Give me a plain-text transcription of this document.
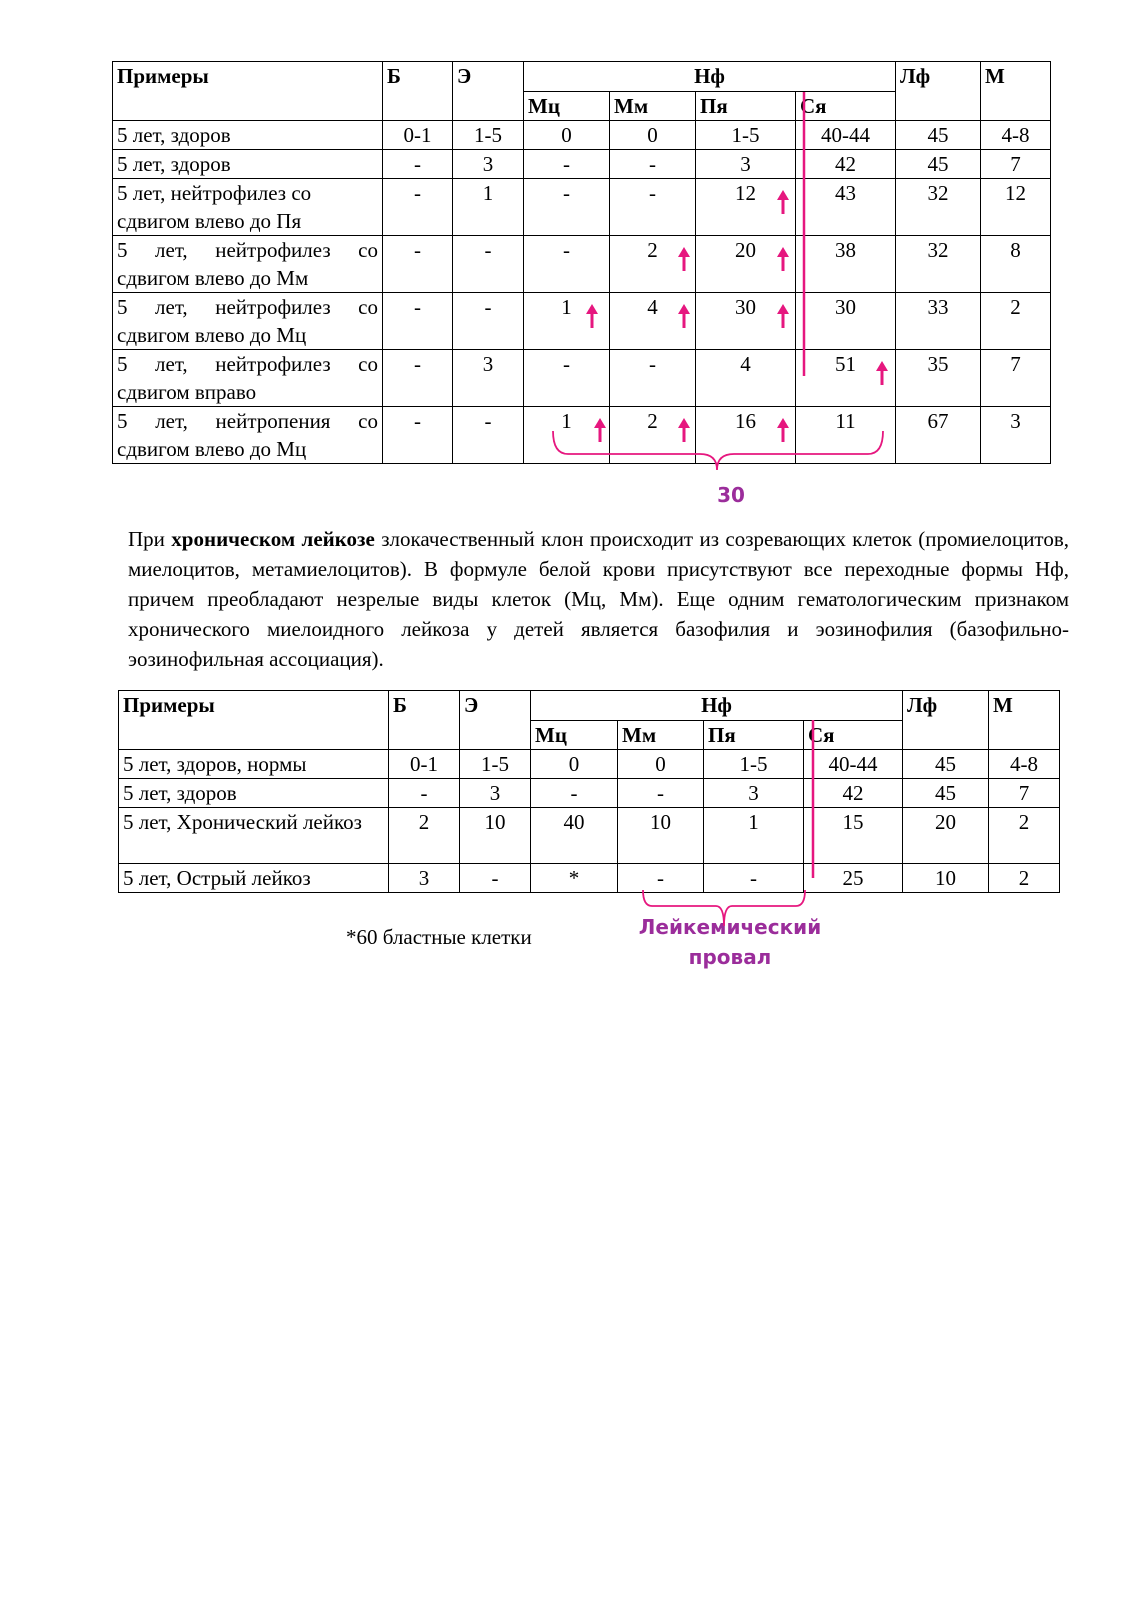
Примеры	Б	Э	Нф				Лф	М
			Мц	Мм	Пя	Ся		
5 лет, здоров	0-1	1-5	0	0	1-5	40-44	45	4-8
5 лет, здоров	-	3	-	-	3	42	45	7
5 лет, нейтрофилез со сдвигом влево до Пя	-	1	-	-	12	43	32	12
5 лет, нейтрофилез со сдвигом влево до Мм	-	-	-	2	20	38	32	8
5 лет, нейтрофилез со сдвигом влево до Мц	-	-	1	4	30	30	33	2
5 лет, нейтрофилез со сдвигом вправо	-	3	-	-	4	51	35	7
5 лет, нейтропения со сдвигом влево до Мц	-	-	1	2	16	11	67	3

При хроническом лейкозе злокачественный клон происходит из созревающих клеток (промиелоцитов, миелоцитов, метамиелоцитов). В формуле белой крови присутствуют все переходные формы Нф, причем преобладают незрелые виды клеток (Мц, Мм). Еще одним гематологическим признаком хронического миелоидного лейкоза у детей является базофилия и эозинофилия (базофильно-эозинофильная ассоциация).

Примеры	Б	Э	Нф				Лф	М
			Мц	Мм	Пя	Ся		
5 лет, здоров, нормы	0-1	1-5	0	0	1-5	40-44	45	4-8
5 лет, здоров	-	3	-	-	3	42	45	7
5 лет, Хронический лейкоз	2	10	40	10	1	15	20	2
5 лет, Острый лейкоз	3	-	*	-	-	25	10	2
*60 бластные клетки
30
Лейкемический
провал
